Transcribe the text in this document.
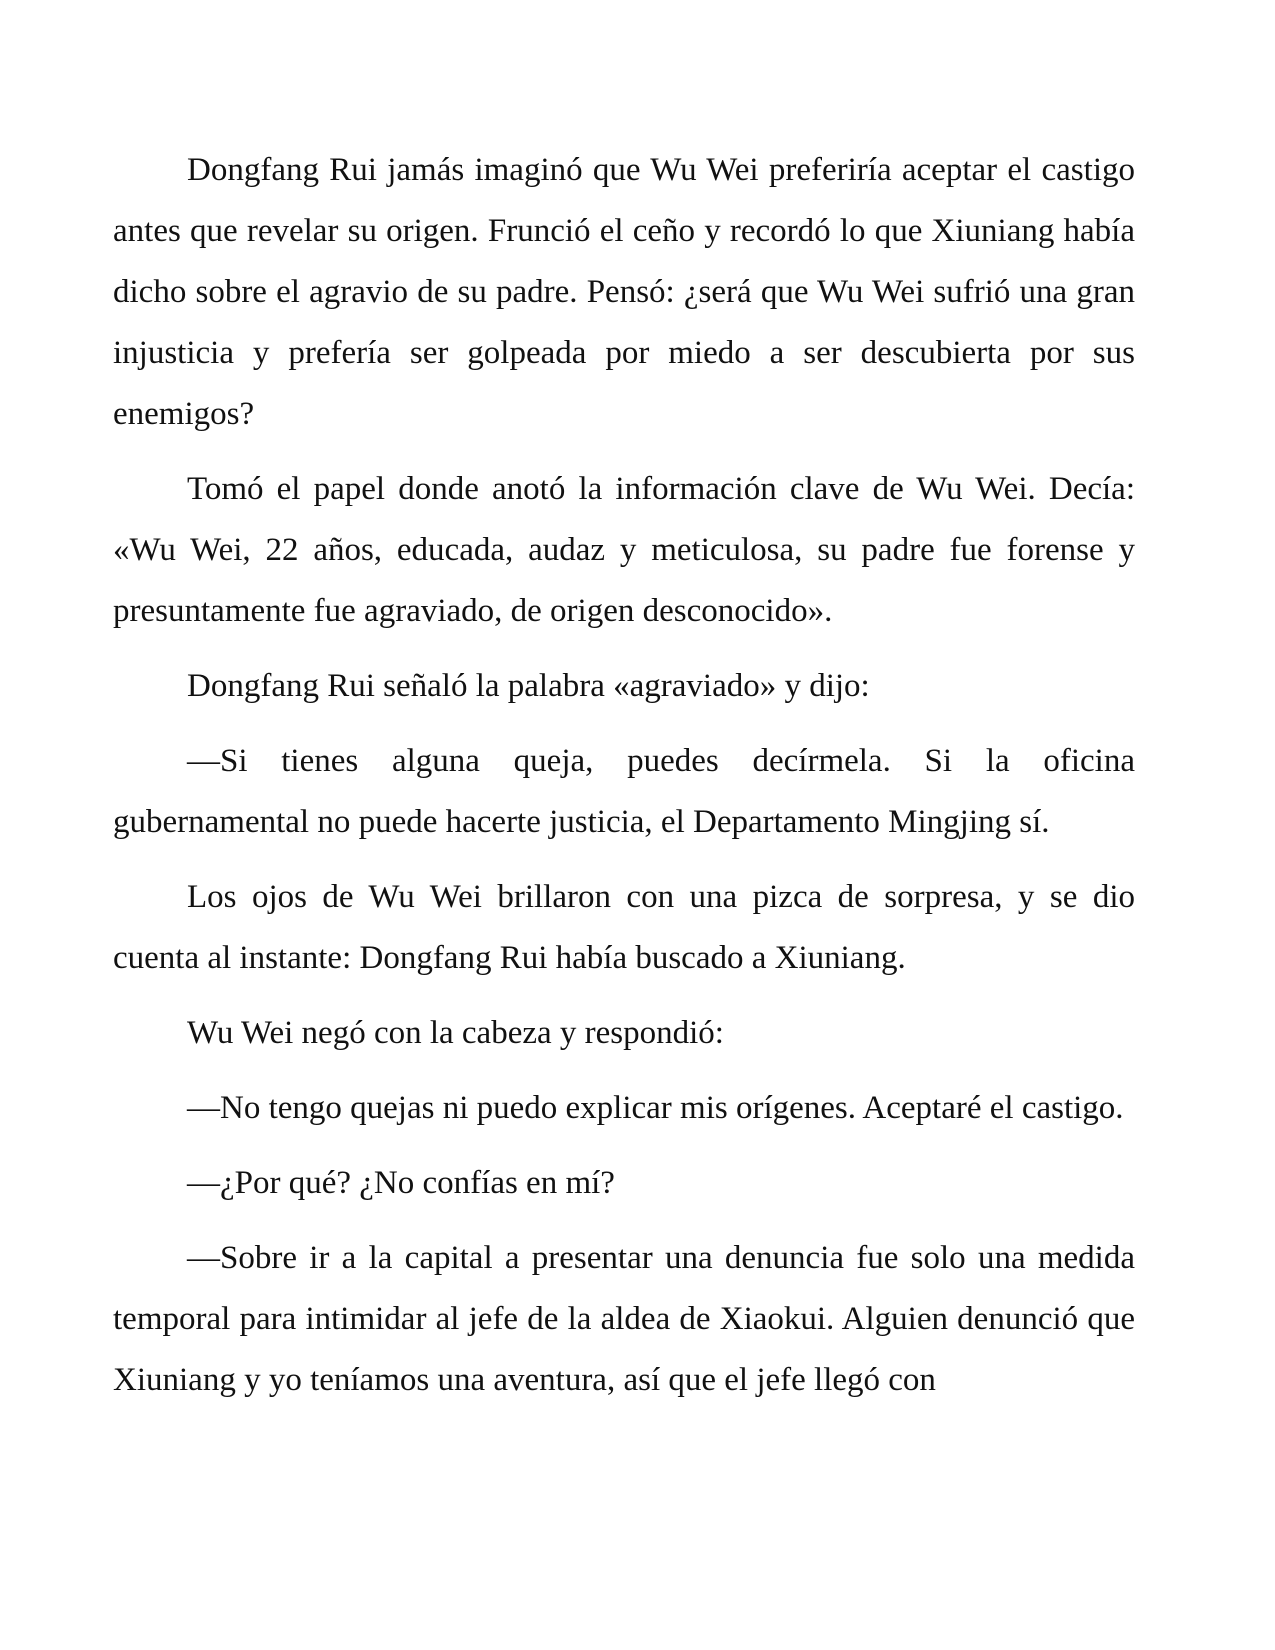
Dongfang Rui jamás imaginó que Wu Wei preferiría aceptar el castigo antes que revelar su origen. Frunció el ceño y recordó lo que Xiuniang había dicho sobre el agravio de su padre. Pensó: ¿será que Wu Wei sufrió una gran injusticia y prefería ser golpeada por miedo a ser descubierta por sus enemigos?

Tomó el papel donde anotó la información clave de Wu Wei. Decía: «Wu Wei, 22 años, educada, audaz y meticulosa, su padre fue forense y presuntamente fue agraviado, de origen desconocido».

Dongfang Rui señaló la palabra «agraviado» y dijo:

—Si tienes alguna queja, puedes decírmela. Si la oficina gubernamental no puede hacerte justicia, el Departamento Mingjing sí.

Los ojos de Wu Wei brillaron con una pizca de sorpresa, y se dio cuenta al instante: Dongfang Rui había buscado a Xiuniang.

Wu Wei negó con la cabeza y respondió:

—No tengo quejas ni puedo explicar mis orígenes. Aceptaré el castigo.

—¿Por qué? ¿No confías en mí?

—Sobre ir a la capital a presentar una denuncia fue solo una medida temporal para intimidar al jefe de la aldea de Xiaokui. Alguien denunció que Xiuniang y yo teníamos una aventura, así que el jefe llegó con
